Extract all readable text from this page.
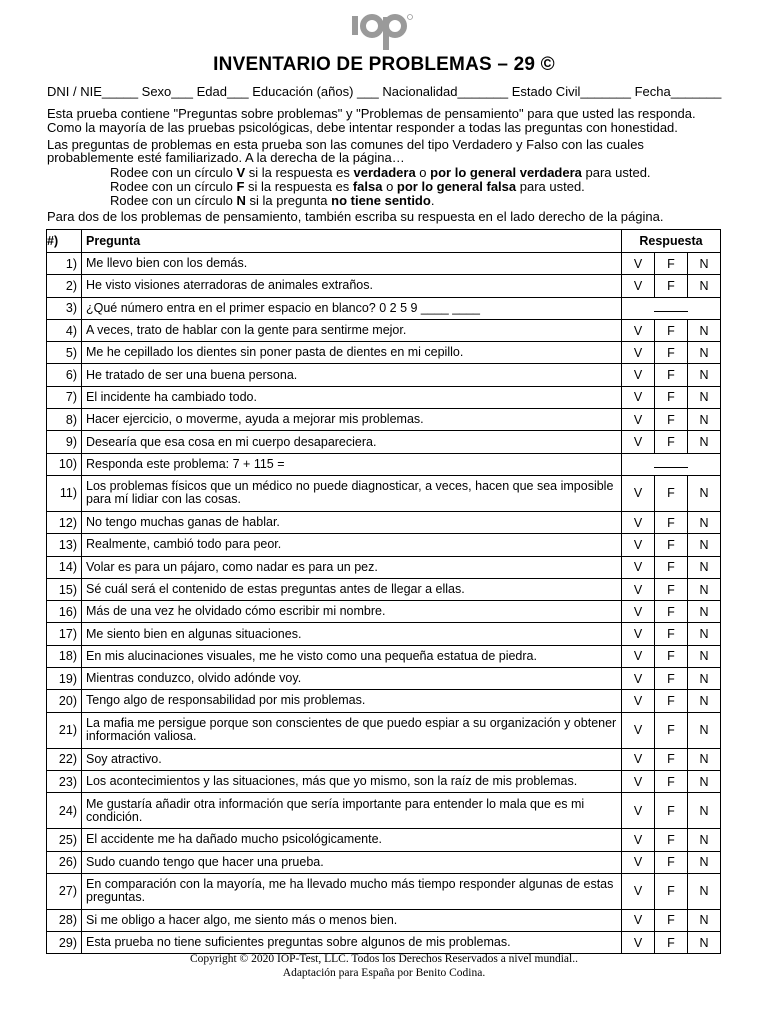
INVENTARIO DE PROBLEMAS – 29 ©
DNI / NIE_____ Sexo___ Edad___ Educación (años) ___ Nacionalidad_______ Estado Civil_______ Fecha_______
Esta prueba contiene "Preguntas sobre problemas" y "Problemas de pensamiento" para que usted las responda.
Como la mayoría de las pruebas psicológicas, debe intentar responder a todas las preguntas con honestidad.
Las preguntas de problemas en esta prueba son las comunes del tipo Verdadero y Falso con las cuales
probablemente esté familiarizado. A la derecha de la página…
Rodee con un círculo V si la respuesta es verdadera o por lo general verdadera para usted.
Rodee con un círculo F si la respuesta es falsa o por lo general falsa para usted.
Rodee con un círculo N si la pregunta no tiene sentido.
Para dos de los problemas de pensamiento, también escriba su respuesta en el lado derecho de la página.
#)	Pregunta	Respuesta		
1)	Me llevo bien con los demás.	V	F	N
2)	He visto visiones aterradoras de animales extraños.	V	F	N
3)	¿Qué número entra en el primer espacio en blanco? 0 2 5 9 ____ ____			
4)	A veces, trato de hablar con la gente para sentirme mejor.	V	F	N
5)	Me he cepillado los dientes sin poner pasta de dientes en mi cepillo.	V	F	N
6)	He tratado de ser una buena persona.	V	F	N
7)	El incidente ha cambiado todo.	V	F	N
8)	Hacer ejercicio, o moverme, ayuda a mejorar mis problemas.	V	F	N
9)	Desearía que esa cosa en mi cuerpo desapareciera.	V	F	N
10)	Responda este problema: 7 + 115 =			
11)	Los problemas físicos que un médico no puede diagnosticar, a veces, hacen que sea imposible para mí lidiar con las cosas.	V	F	N
12)	No tengo muchas ganas de hablar.	V	F	N
13)	Realmente, cambió todo para peor.	V	F	N
14)	Volar es para un pájaro, como nadar es para un pez.	V	F	N
15)	Sé cuál será el contenido de estas preguntas antes de llegar a ellas.	V	F	N
16)	Más de una vez he olvidado cómo escribir mi nombre.	V	F	N
17)	Me siento bien en algunas situaciones.	V	F	N
18)	En mis alucinaciones visuales, me he visto como una pequeña estatua de piedra.	V	F	N
19)	Mientras conduzco, olvido adónde voy.	V	F	N
20)	Tengo algo de responsabilidad por mis problemas.	V	F	N
21)	La mafia me persigue porque son conscientes de que puedo espiar a su organización y obtener información valiosa.	V	F	N
22)	Soy atractivo.	V	F	N
23)	Los acontecimientos y las situaciones, más que yo mismo, son la raíz de mis problemas.	V	F	N
24)	Me gustaría añadir otra información que sería importante para entender lo mala que es mi condición.	V	F	N
25)	El accidente me ha dañado mucho psicológicamente.	V	F	N
26)	Sudo cuando tengo que hacer una prueba.	V	F	N
27)	En comparación con la mayoría, me ha llevado mucho más tiempo responder algunas de estas preguntas.	V	F	N
28)	Si me obligo a hacer algo, me siento más o menos bien.	V	F	N
29)	Esta prueba no tiene suficientes preguntas sobre algunos de mis problemas.	V	F	N
Copyright © 2020 IOP-Test, LLC. Todos los Derechos Reservados a nivel mundial..
Adaptación para España por Benito Codina.
